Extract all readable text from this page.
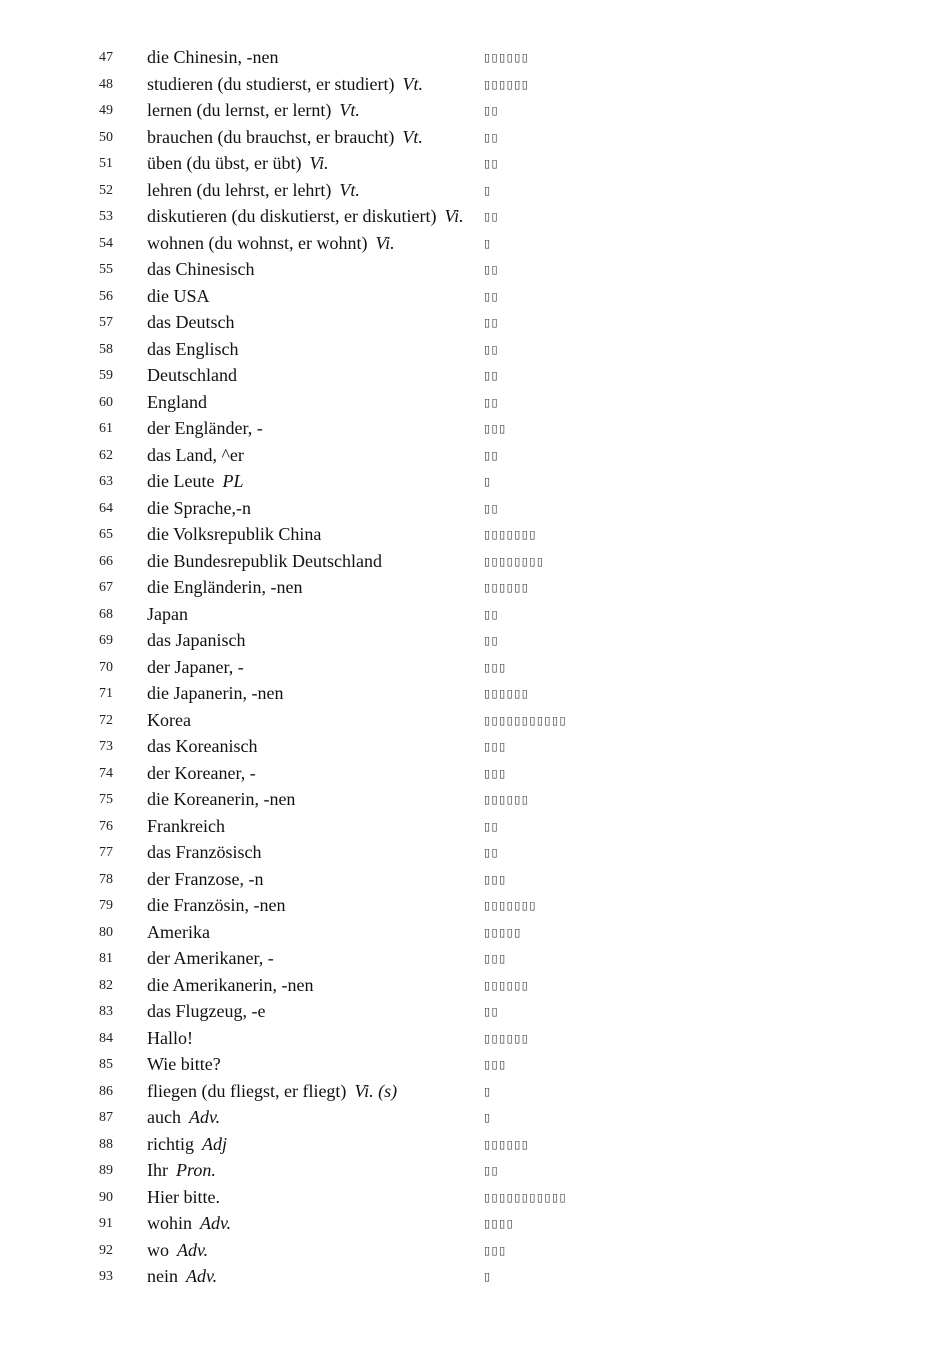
47 die Chinesin, -nen	▯▯▯▯▯▯
48 studieren (du studierst, er studiert) Vt.	▯▯▯▯▯▯
49 lernen (du lernst, er lernt) Vt.	▯▯
50 brauchen (du brauchst, er braucht) Vt.	▯▯
51 üben (du übst, er übt) Vi.	▯▯
52 lehren (du lehrst, er lehrt) Vt.	▯
53 diskutieren (du diskutierst, er diskutiert) Vi. ▯▯
54 wohnen (du wohnst, er wohnt) Vi.	▯
55 das Chinesisch	▯▯
56 die USA	▯▯
57 das Deutsch	▯▯
58 das Englisch	▯▯
59 Deutschland	▯▯
60 England	▯▯
61 der Engländer, -	▯▯▯
62 das Land, ^er	▯▯
63 die Leute PL	▯
64 die Sprache,-n	▯▯
65 die Volksrepublik China	▯▯▯▯▯▯▯
66 die Bundesrepublik Deutschland	▯▯▯▯▯▯▯▯
67 die Engländerin, -nen	▯▯▯▯▯▯
68 Japan	▯▯
69 das Japanisch	▯▯
70 der Japaner, -	▯▯▯
71 die Japanerin, -nen	▯▯▯▯▯▯
72 Korea	▯▯▯▯▯▯▯▯▯▯▯
73 das Koreanisch	▯▯▯
74 der Koreaner, -	▯▯▯
75 die Koreanerin, -nen	▯▯▯▯▯▯
76 Frankreich	▯▯
77 das Französisch	▯▯
78 der Franzose, -n	▯▯▯
79 die Französin, -nen	▯▯▯▯▯▯▯
80 Amerika	▯▯▯▯▯
81 der Amerikaner, -	▯▯▯
82 die Amerikanerin, -nen	▯▯▯▯▯▯
83 das Flugzeug, -e	▯▯
84 Hallo!	▯▯▯▯▯▯
85 Wie bitte?	▯▯▯
86 fliegen (du fliegst, er fliegt) Vi. (s)	▯
87 auch Adv.	▯
88 richtig Adj	▯▯▯▯▯▯
89 Ihr Pron.	▯▯
90 Hier bitte.	▯▯▯▯▯▯▯▯▯▯▯
91 wohin Adv.	▯▯▯▯
92 wo Adv.	▯▯▯
93 nein Adv.	▯
